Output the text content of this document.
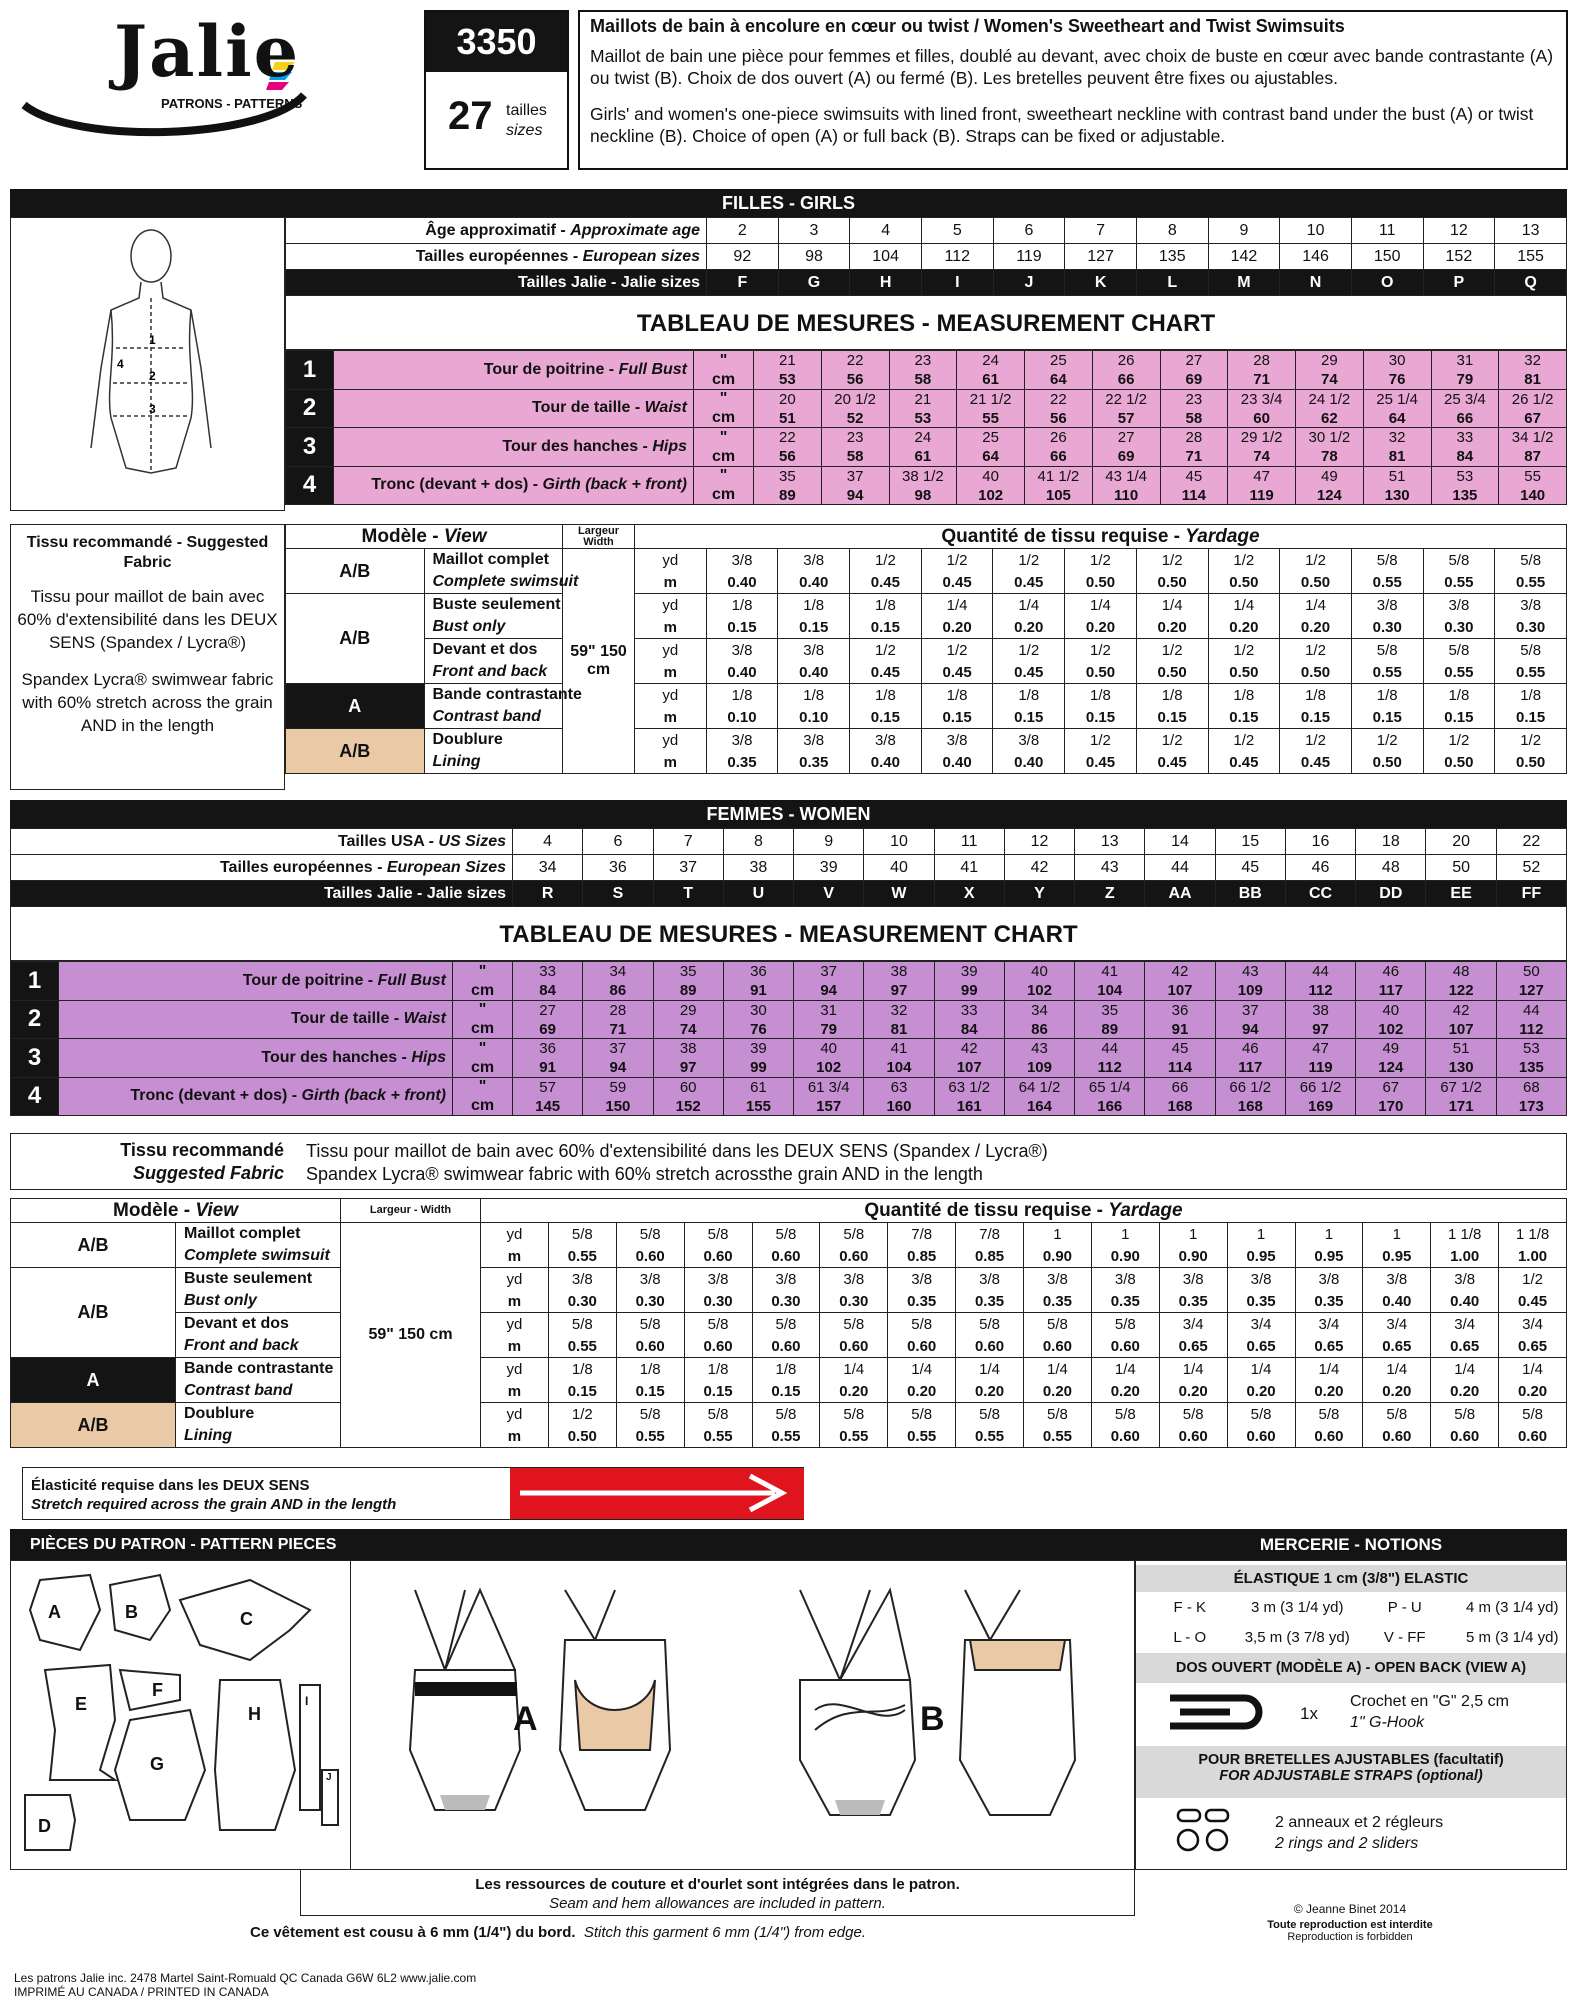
Jalie
PATRONS - PATTERNS
3350
27 tailles
sizes
Maillots de bain à encolure en cœur ou twist / Women's Sweetheart and Twist Swimsuits
Maillot de bain une pièce pour femmes et filles, doublé au devant, avec choix de buste en cœur avec bande contrastante (A) ou twist (B). Choix de dos ouvert (A) ou fermé (B). Les bretelles peuvent être fixes ou ajustables.
Girls' and women's one-piece swimsuits with lined front, sweetheart neckline with contrast band under the bust (A) or twist neckline (B). Choice of open (A) or full back (B). Straps can be fixed or adjustable.
FILLES - GIRLS
1
2
3
4
Âge approximatif - Approximate age	2	3	4	5	6	7	8	9	10	11	12	13
Tailles européennes - European sizes	92	98	104	112	119	127	135	142	146	150	152	155
Tailles Jalie - Jalie sizes	F	G	H	I	J	K	L	M	N	O	P	Q
TABLEAU DE MESURES - MEASUREMENT CHART
1	Tour de poitrine - Full Bust	"	21	22	23	24	25	26	27	28	29	30	31	32
		cm	53	56	58	61	64	66	69	71	74	76	79	81
2	Tour de taille - Waist	"	20	20 1/2	21	21 1/2	22	22 1/2	23	23 3/4	24 1/2	25 1/4	25 3/4	26 1/2
		cm	51	52	53	55	56	57	58	60	62	64	66	67
3	Tour des hanches - Hips	"	22	23	24	25	26	27	28	29 1/2	30 1/2	32	33	34 1/2
		cm	56	58	61	64	66	69	71	74	78	81	84	87
4	Tronc (devant + dos) - Girth (back + front)	"	35	37	38 1/2	40	41 1/2	43 1/4	45	47	49	51	53	55
		cm	89	94	98	102	105	110	114	119	124	130	135	140
Tissu recommandé - Suggested Fabric
Tissu pour maillot de bain avec 60% d'extensibilité dans les DEUX SENS (Spandex / Lycra®)
Spandex Lycra® swimwear fabric with 60% stretch across the grain AND in the length
Modèle - View		Largeur Width	Quantité de tissu requise - Yardage												
A/B	Maillot complet	59" 150 cm	yd	3/8	3/8	1/2	1/2	1/2	1/2	1/2	1/2	1/2	5/8	5/8	5/8
	Complete swimsuit		m	0.40	0.40	0.45	0.45	0.45	0.50	0.50	0.50	0.50	0.55	0.55	0.55
A/B	Buste seulement		yd	1/8	1/8	1/8	1/4	1/4	1/4	1/4	1/4	1/4	3/8	3/8	3/8
	Bust only		m	0.15	0.15	0.15	0.20	0.20	0.20	0.20	0.20	0.20	0.30	0.30	0.30
	Devant et dos		yd	3/8	3/8	1/2	1/2	1/2	1/2	1/2	1/2	1/2	5/8	5/8	5/8
	Front and back		m	0.40	0.40	0.45	0.45	0.45	0.50	0.50	0.50	0.50	0.55	0.55	0.55
A	Bande contrastante		yd	1/8	1/8	1/8	1/8	1/8	1/8	1/8	1/8	1/8	1/8	1/8	1/8
	Contrast band		m	0.10	0.10	0.15	0.15	0.15	0.15	0.15	0.15	0.15	0.15	0.15	0.15
A/B	Doublure		yd	3/8	3/8	3/8	3/8	3/8	1/2	1/2	1/2	1/2	1/2	1/2	1/2
	Lining		m	0.35	0.35	0.40	0.40	0.40	0.45	0.45	0.45	0.45	0.50	0.50	0.50
FEMMES - WOMEN
Tailles USA - US Sizes	4	6	7	8	9	10	11	12	13	14	15	16	18	20	22
Tailles européennes - European Sizes	34	36	37	38	39	40	41	42	43	44	45	46	48	50	52
Tailles Jalie - Jalie sizes	R	S	T	U	V	W	X	Y	Z	AA	BB	CC	DD	EE	FF
TABLEAU DE MESURES - MEASUREMENT CHART
1	Tour de poitrine - Full Bust	"	33	34	35	36	37	38	39	40	41	42	43	44	46	48	50
		cm	84	86	89	91	94	97	99	102	104	107	109	112	117	122	127
2	Tour de taille - Waist	"	27	28	29	30	31	32	33	34	35	36	37	38	40	42	44
		cm	69	71	74	76	79	81	84	86	89	91	94	97	102	107	112
3	Tour des hanches - Hips	"	36	37	38	39	40	41	42	43	44	45	46	47	49	51	53
		cm	91	94	97	99	102	104	107	109	112	114	117	119	124	130	135
4	Tronc (devant + dos) - Girth (back + front)	"	57	59	60	61	61 3/4	63	63 1/2	64 1/2	65 1/4	66	66 1/2	66 1/2	67	67 1/2	68
		cm	145	150	152	155	157	160	161	164	166	168	168	169	170	171	173
Tissu recommandé
Suggested Fabric
Tissu pour maillot de bain avec 60% d'extensibilité dans les DEUX SENS (Spandex / Lycra®)
Spandex Lycra® swimwear fabric with 60% stretch acrossthe grain AND in the length
Modèle - View		Largeur - Width	Quantité de tissu requise - Yardage															
A/B	Maillot complet	59" 150 cm	yd	5/8	5/8	5/8	5/8	5/8	7/8	7/8	1	1	1	1	1	1	1 1/8	1 1/8
	Complete swimsuit		m	0.55	0.60	0.60	0.60	0.60	0.85	0.85	0.90	0.90	0.90	0.95	0.95	0.95	1.00	1.00
A/B	Buste seulement		yd	3/8	3/8	3/8	3/8	3/8	3/8	3/8	3/8	3/8	3/8	3/8	3/8	3/8	3/8	1/2
	Bust only		m	0.30	0.30	0.30	0.30	0.30	0.35	0.35	0.35	0.35	0.35	0.35	0.35	0.40	0.40	0.45
	Devant et dos		yd	5/8	5/8	5/8	5/8	5/8	5/8	5/8	5/8	5/8	3/4	3/4	3/4	3/4	3/4	3/4
	Front and back		m	0.55	0.60	0.60	0.60	0.60	0.60	0.60	0.60	0.60	0.65	0.65	0.65	0.65	0.65	0.65
A	Bande contrastante		yd	1/8	1/8	1/8	1/8	1/4	1/4	1/4	1/4	1/4	1/4	1/4	1/4	1/4	1/4	1/4
	Contrast band		m	0.15	0.15	0.15	0.15	0.20	0.20	0.20	0.20	0.20	0.20	0.20	0.20	0.20	0.20	0.20
A/B	Doublure		yd	1/2	5/8	5/8	5/8	5/8	5/8	5/8	5/8	5/8	5/8	5/8	5/8	5/8	5/8	5/8
	Lining		m	0.50	0.55	0.55	0.55	0.55	0.55	0.55	0.55	0.60	0.60	0.60	0.60	0.60	0.60	0.60
Élasticité requise dans les DEUX SENS
Stretch required across the grain AND in the length
PIÈCES DU PATRON - PATTERN PIECES
A	B	C
D
E
F
G
H
I
J
A	B
Les ressources de couture et d'ourlet sont intégrées dans le patron.
Seam and hem allowances are included in pattern.
Ce vêtement est cousu à 6 mm (1/4") du bord. Stitch this garment 6 mm (1/4") from edge.
MERCERIE - NOTIONS
ÉLASTIQUE 1 cm (3/8") ELASTIC
F - K	3 m (3 1/4 yd)	P - U	4 m (3 1/4 yd)
L - O	3,5 m (3 7/8 yd)	V - FF	5 m (3 1/4 yd)
DOS OUVERT (MODÈLE A) - OPEN BACK (VIEW A)
1x
Crochet en "G" 2,5 cm
1" G-Hook
POUR BRETELLES AJUSTABLES (facultatif)
FOR ADJUSTABLE STRAPS (optional)
2 anneaux et 2 régleurs
2 rings and 2 sliders
© Jeanne Binet 2014
Toute reproduction est interdite
Reproduction is forbidden
Les patrons Jalie inc. 2478 Martel Saint-Romuald QC Canada G6W 6L2 www.jalie.com
IMPRIMÉ AU CANADA / PRINTED IN CANADA
